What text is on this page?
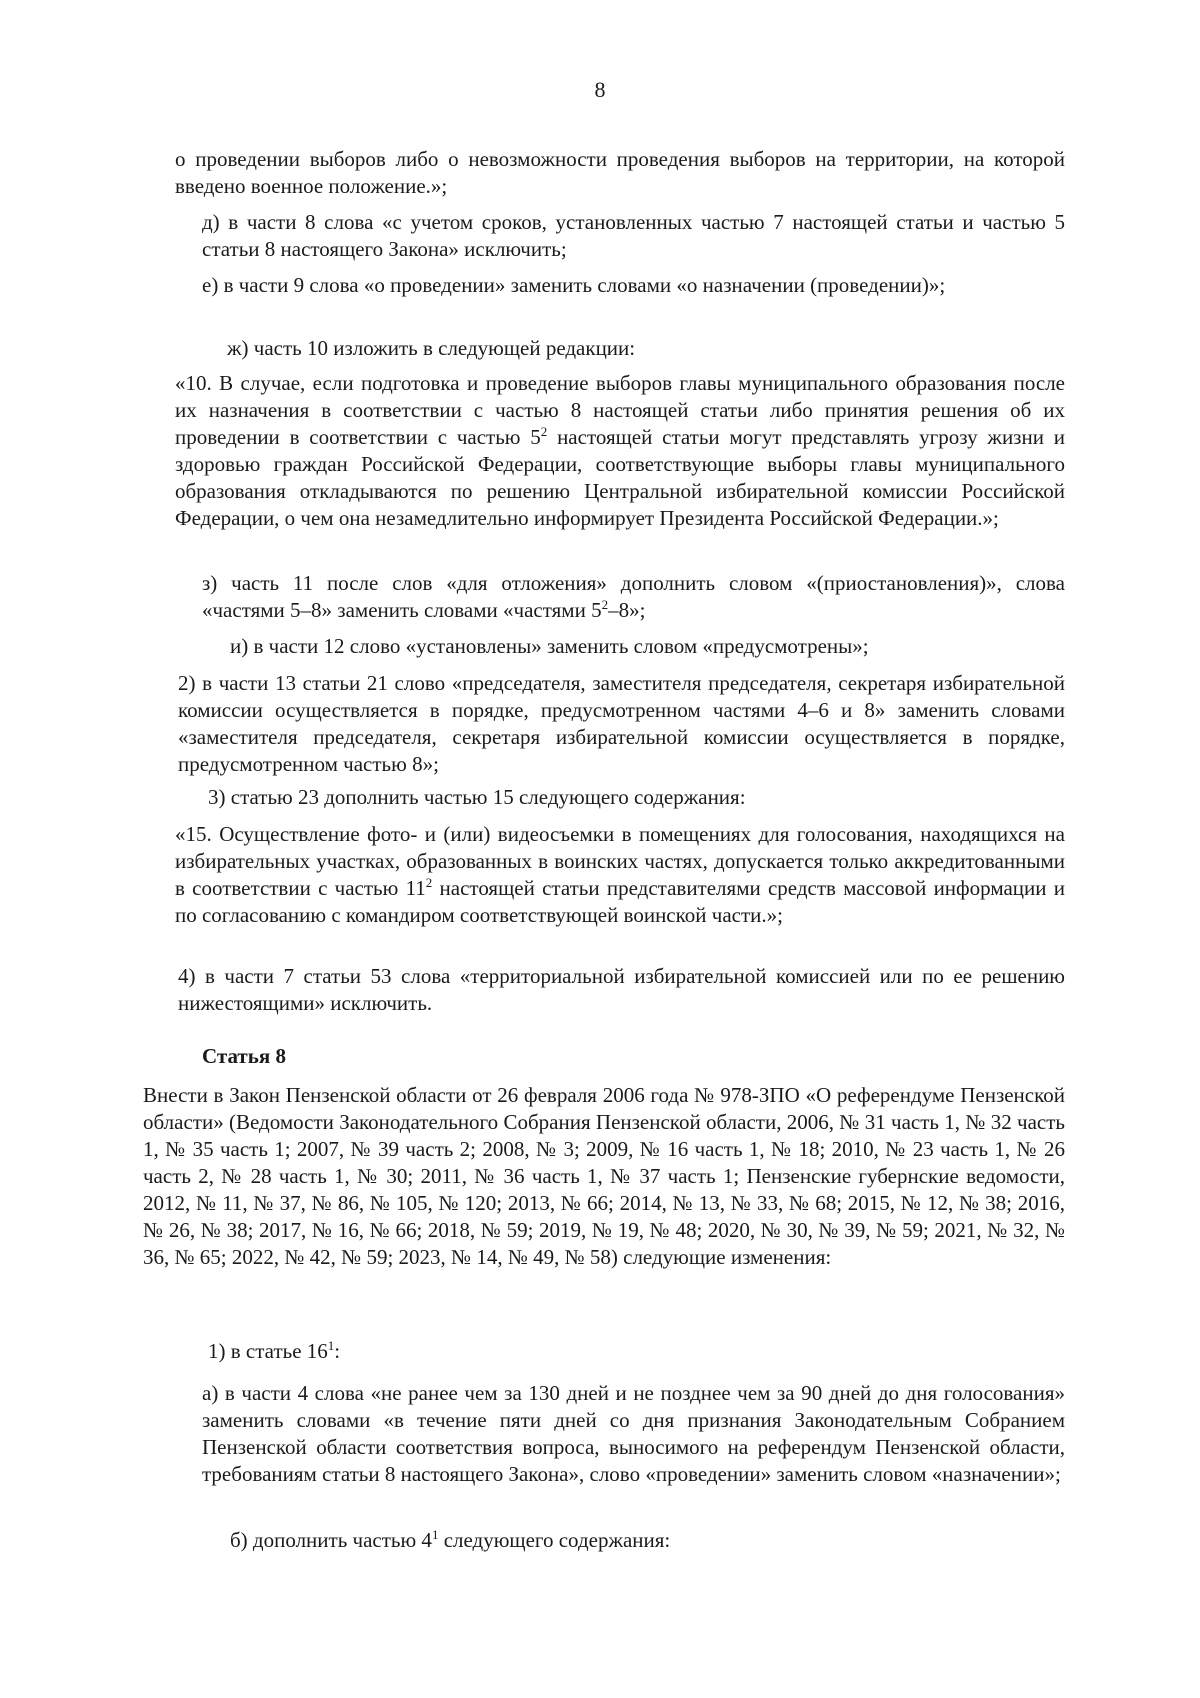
8

о проведении выборов либо о невозможности проведения выборов на территории, на которой введено военное положение.»;

д) в части 8 слова «с учетом сроков, установленных частью 7 настоящей статьи и частью 5 статьи 8 настоящего Закона» исключить;

е) в части 9 слова «о проведении» заменить словами «о назначении (проведении)»;

ж) часть 10 изложить в следующей редакции:

«10. В случае, если подготовка и проведение выборов главы муниципального образования после их назначения в соответствии с частью 8 настоящей статьи либо принятия решения об их проведении в соответствии с частью $5^2$ настоящей статьи могут представлять угрозу жизни и здоровью граждан Российской Федерации, соответствующие выборы главы муниципального образования откладываются по решению Центральной избирательной комиссии Российской Федерации, о чем она незамедлительно информирует Президента Российской Федерации.»;

з) часть 11 после слов «для отложения» дополнить словом «(приостановления)», слова «частями 5–8» заменить словами «частями $5^2-8$»;

и) в части 12 слово «установлены» заменить словом «предусмотрены»;

2) в части 13 статьи 21 слово «председателя, заместителя председателя, секретаря избирательной комиссии осуществляется в порядке, предусмотренном частями 4–6 и 8» заменить словами «заместителя председателя, секретаря избирательной комиссии осуществляется в порядке, предусмотренном частью 8»;

3) статью 23 дополнить частью 15 следующего содержания:

«15. Осуществление фото- и (или) видеосъемки в помещениях для голосования, находящихся на избирательных участках, образованных в воинских частях, допускается только аккредитованными в соответствии с частью $11^2$ настоящей статьи представителями средств массовой информации и по согласованию с командиром соответствующей воинской части.»;

4) в части 7 статьи 53 слова «территориальной избирательной комиссией или по ее решению нижестоящими» исключить.

Статья 8

Внести в Закон Пензенской области от 26 февраля 2006 года № 978-ЗПО «О референдуме Пензенской области» (Ведомости Законодательного Собрания Пензенской области, 2006, № 31 часть 1, № 32 часть 1, № 35 часть 1; 2007, № 39 часть 2; 2008, № 3; 2009, № 16 часть 1, № 18; 2010, № 23 часть 1, № 26 часть 2, № 28 часть 1, № 30; 2011, № 36 часть 1, № 37 часть 1; Пензенские губернские ведомости, 2012, № 11, № 37, № 86, № 105, № 120; 2013, № 66; 2014, № 13, № 33, № 68; 2015, № 12, № 38; 2016, № 26, № 38; 2017, № 16, № 66; 2018, № 59; 2019, № 19, № 48; 2020, № 30, № 39, № 59; 2021, № 32, № 36, № 65; 2022, № 42, № 59; 2023, № 14, № 49, № 58) следующие изменения:

1) в статье $16^1$:

а) в части 4 слова «не ранее чем за 130 дней и не позднее чем за 90 дней до дня голосования» заменить словами «в течение пяти дней со дня признания Законодательным Собранием Пензенской области соответствия вопроса, выносимого на референдум Пензенской области, требованиям статьи 8 настоящего Закона», слово «проведении» заменить словом «назначении»;

б) дополнить частью $4^1$ следующего содержания:
